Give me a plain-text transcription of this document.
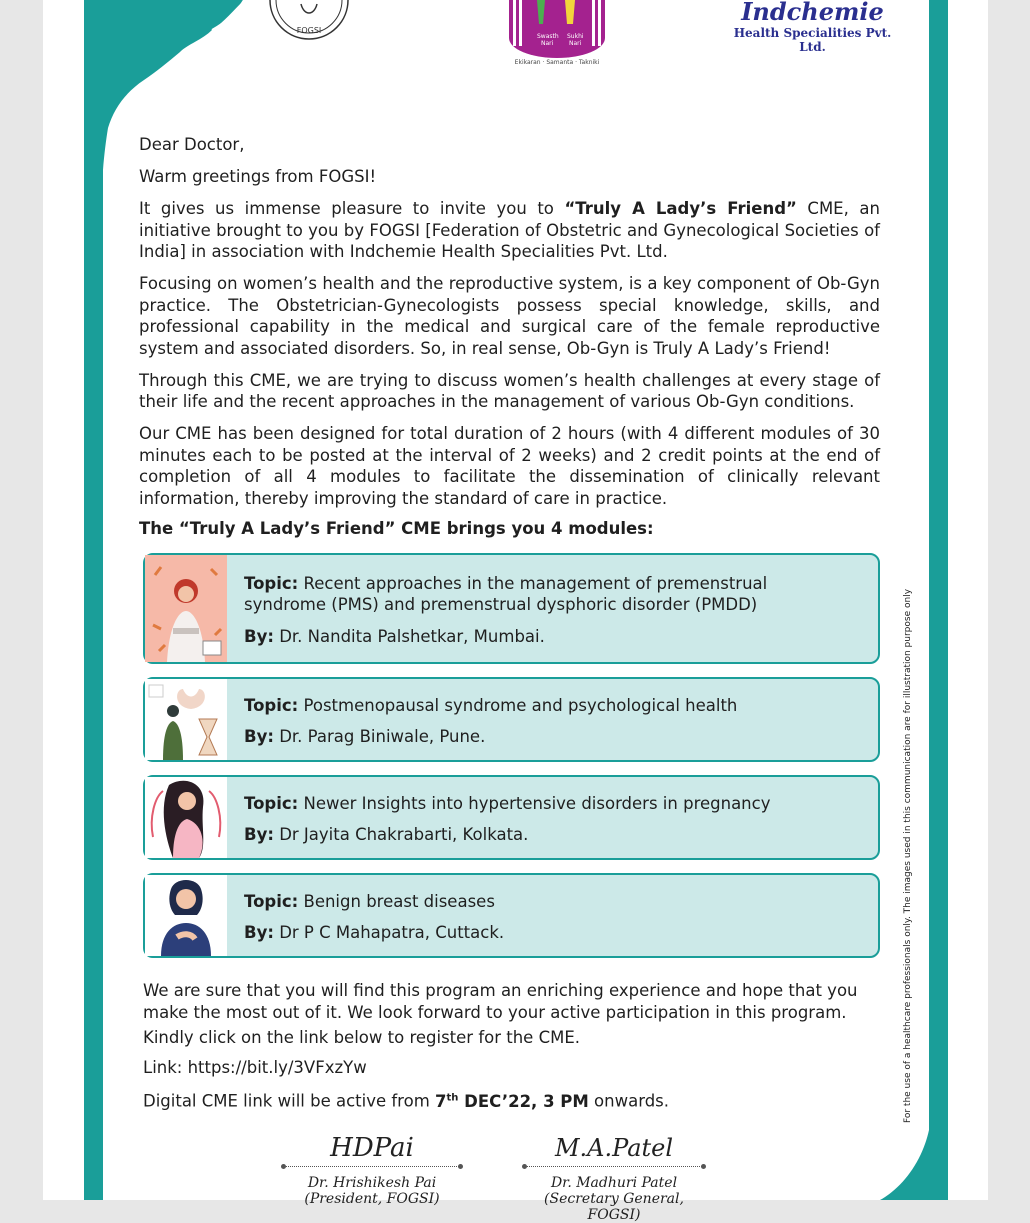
FOGSI
Swasth
Nari
Sukhi
Nari
Ekikaran · Samanta · Takniki
Indchemie
Health Specialities Pvt. Ltd.

Dear Doctor,

Warm greetings from FOGSI!

It gives us immense pleasure to invite you to “Truly A Lady’s Friend” CME, an initiative brought to you by FOGSI [Federation of Obstetric and Gynecological Societies of India] in association with Indchemie Health Specialities Pvt. Ltd.

Focusing on women’s health and the reproductive system, is a key component of Ob-Gyn practice. The Obstetrician-Gynecologists possess special knowledge, skills, and professional capability in the medical and surgical care of the female reproductive system and associated disorders. So, in real sense, Ob-Gyn is Truly A Lady’s Friend!

Through this CME, we are trying to discuss women’s health challenges at every stage of their life and the recent approaches in the management of various Ob-Gyn conditions.

Our CME has been designed for total duration of 2 hours (with 4 different modules of 30 minutes each to be posted at the interval of 2 weeks) and 2 credit points at the end of completion of all 4 modules to facilitate the dissemination of clinically relevant information, thereby improving the standard of care in practice.

The “Truly A Lady’s Friend” CME brings you 4 modules:

Topic: Recent approaches in the management of premenstrual syndrome (PMS) and premenstrual dysphoric disorder (PMDD)
By: Dr. Nandita Palshetkar, Mumbai.
Topic: Postmenopausal syndrome and psychological health
By: Dr. Parag Biniwale, Pune.
Topic: Newer Insights into hypertensive disorders in pregnancy
By: Dr Jayita Chakrabarti, Kolkata.
Topic: Benign breast diseases
By: Dr P C Mahapatra, Cuttack.

We are sure that you will find this program an enriching experience and hope that you make the most out of it. We look forward to your active participation in this program.

Kindly click on the link below to register for the CME.

Link: https://bit.ly/3VFxzYw

Digital CME link will be active from 7th DEC’22, 3 PM onwards.	For the use of a healthcare professionals only. The images used in this communication are for illustration purpose only
HDPai
Dr. Hrishikesh Pai
(President, FOGSI)
M.A.Patel
Dr. Madhuri Patel
(Secretary General, FOGSI)
